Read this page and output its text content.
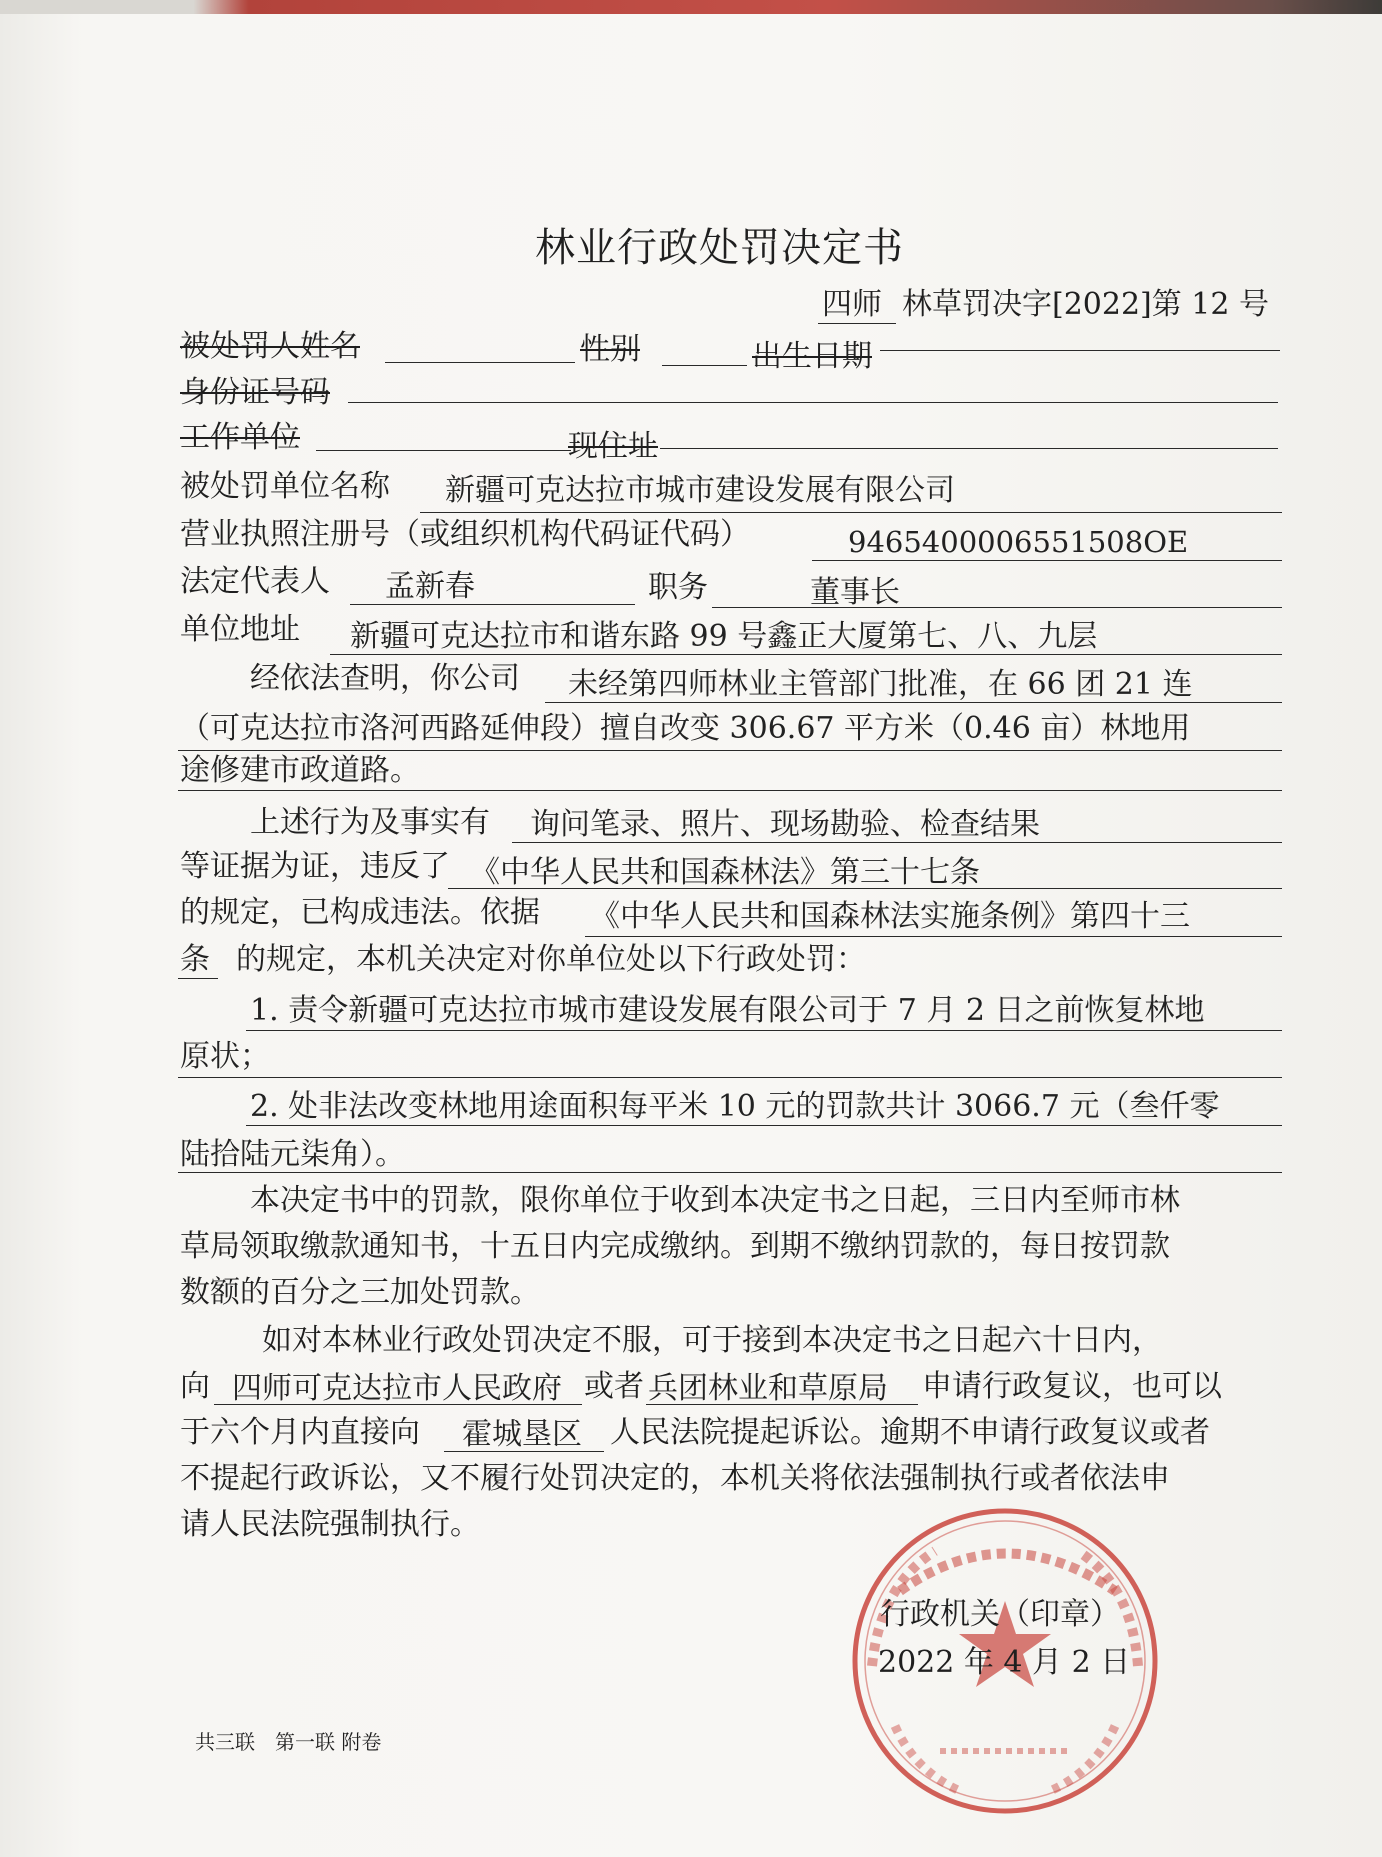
林业行政处罚决定书
四师 林草罚决字[2022]第 12 号
被处罚人姓名	性别	出生日期
身份证号码
工作单位	现住址
被处罚单位名称 新疆可克达拉市城市建设发展有限公司
营业执照注册号（或组织机构代码证代码）	9465400006551508OE
法定代表人 孟新春	职务	董事长
单位地址 新疆可克达拉市和谐东路 99 号鑫正大厦第七、八、九层
经依法查明，你公司 未经第四师林业主管部门批准，在 66 团 21 连
（可克达拉市洛河西路延伸段）擅自改变 306.67 平方米（0.46 亩）林地用
途修建市政道路。
上述行为及事实有 询问笔录、照片、现场勘验、检查结果
等证据为证，违反了 《中华人民共和国森林法》第三十七条
的规定，已构成违法。依据 《中华人民共和国森林法实施条例》第四十三
条 的规定，本机关决定对你单位处以下行政处罚：
1. 责令新疆可克达拉市城市建设发展有限公司于 7 月 2 日之前恢复林地
原状；
2. 处非法改变林地用途面积每平米 10 元的罚款共计 3066.7 元（叁仟零
陆拾陆元柒角）。
本决定书中的罚款，限你单位于收到本决定书之日起，三日内至师市林
草局领取缴款通知书，十五日内完成缴纳。到期不缴纳罚款的，每日按罚款
数额的百分之三加处罚款。
如对本林业行政处罚决定不服，可于接到本决定书之日起六十日内，
向 四师可克达拉市人民政府 或者 兵团林业和草原局 申请行政复议，也可以
于六个月内直接向 霍城垦区 人民法院提起诉讼。逾期不申请行政复议或者
不提起行政诉讼，又不履行处罚决定的，本机关将依法强制执行或者依法申
请人民法院强制执行。
行政机关（印章）
2022 年 4 月 2 日
共三联　第一联 附卷
